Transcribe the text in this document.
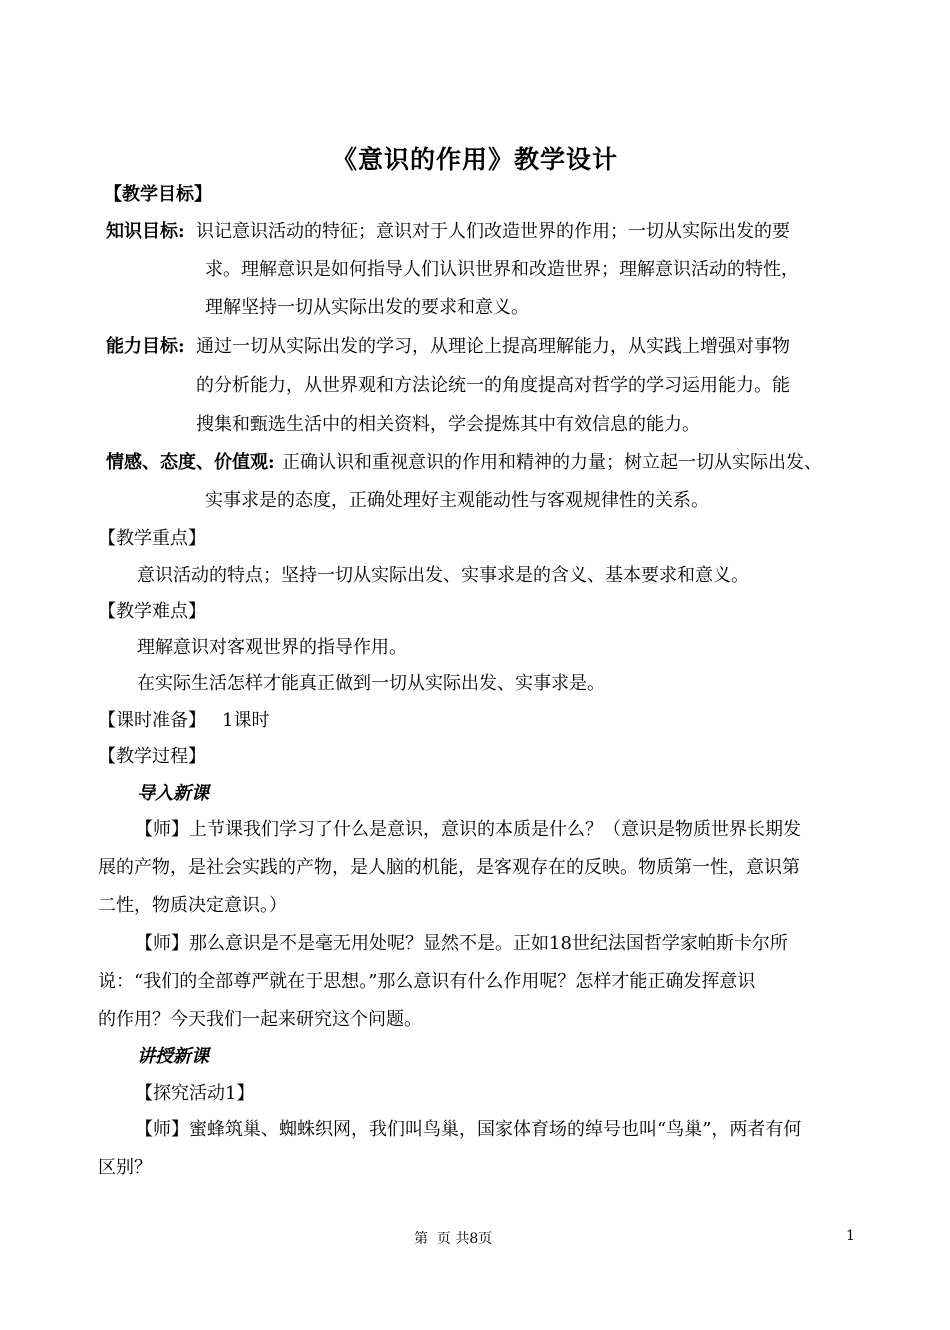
《意识的作用》教学设计
【教学目标】
知识目标: 识记意识活动的特征；意识对于人们改造世界的作用；一切从实际出发的要
求。理解意识是如何指导人们认识世界和改造世界；理解意识活动的特性，
理解坚持一切从实际出发的要求和意义。
能力目标: 通过一切从实际出发的学习，从理论上提高理解能力，从实践上增强对事物
的分析能力，从世界观和方法论统一的角度提高对哲学的学习运用能力。能
搜集和甄选生活中的相关资料，学会提炼其中有效信息的能力。
情感、态度、价值观: 正确认识和重视意识的作用和精神的力量；树立起一切从实际出发、
实事求是的态度，正确处理好主观能动性与客观规律性的关系。
【教学重点】
意识活动的特点；坚持一切从实际出发、实事求是的含义、基本要求和意义。
【教学难点】
理解意识对客观世界的指导作用。
在实际生活怎样才能真正做到一切从实际出发、实事求是。
【课时准备】 1课时
【教学过程】
导入新课
【师】上节课我们学习了什么是意识，意识的本质是什么？（意识是物质世界长期发
展的产物，是社会实践的产物，是人脑的机能，是客观存在的反映。物质第一性，意识第
二性，物质决定意识。）
【师】那么意识是不是毫无用处呢？显然不是。正如18世纪法国哲学家帕斯卡尔所
说：“我们的全部尊严就在于思想。”那么意识有什么作用呢？怎样才能正确发挥意识
的作用？今天我们一起来研究这个问题。
讲授新课
【探究活动1】
【师】蜜蜂筑巢、蜘蛛织网，我们叫鸟巢，国家体育场的绰号也叫“鸟巢”，两者有何
区别？
第  页 共8页	1
